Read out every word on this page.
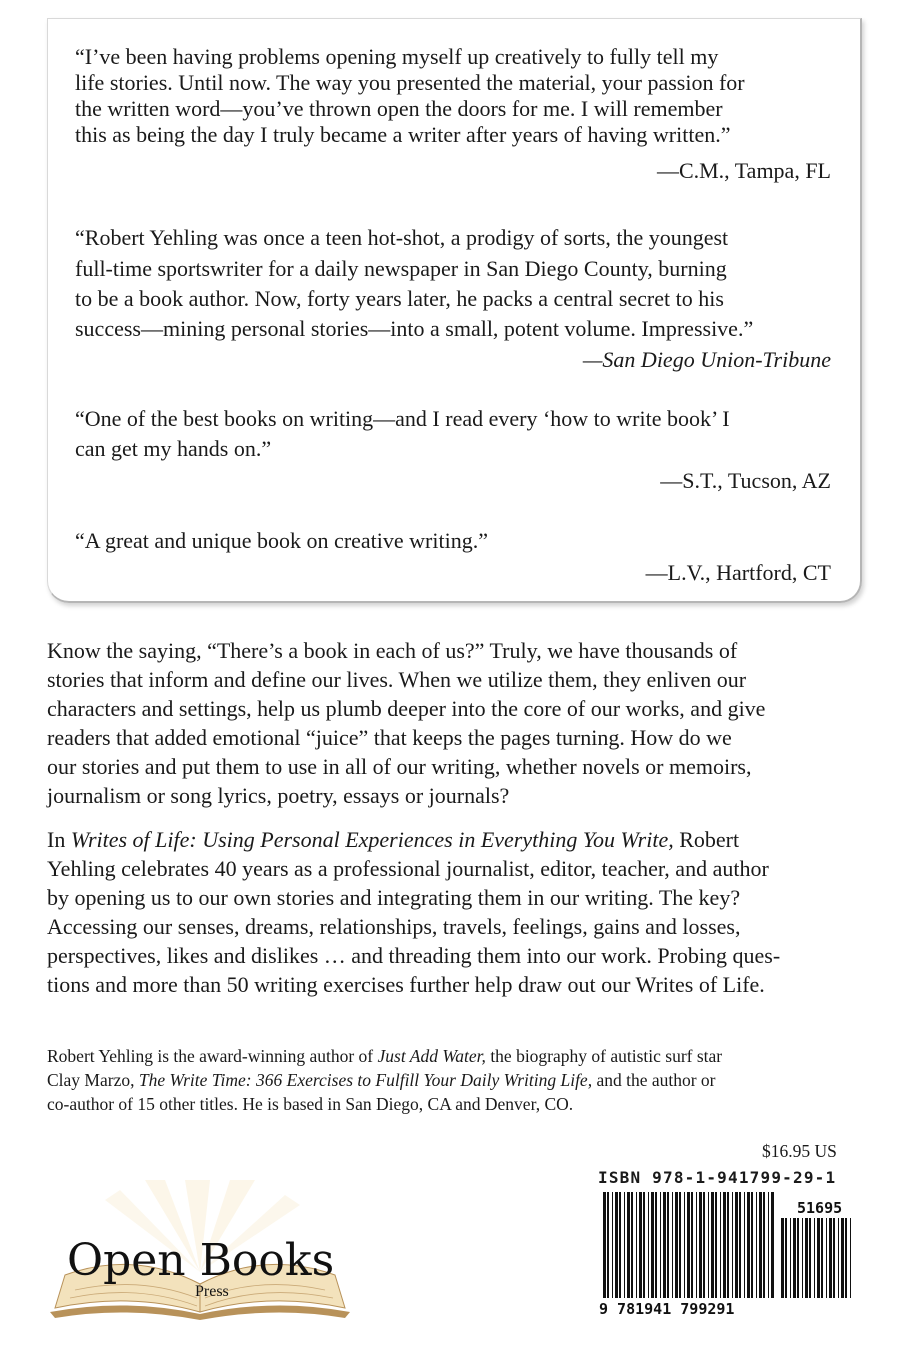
“I’ve been having problems opening myself up creatively to fully tell my

life stories. Until now. The way you presented the material, your passion for

the written word—you’ve thrown open the doors for me. I will remember

this as being the day I truly became a writer after years of having written.”

—C.M., Tampa, FL

“Robert Yehling was once a teen hot-shot, a prodigy of sorts, the youngest

full-time sportswriter for a daily newspaper in San Diego County, burning

to be a book author. Now, forty years later, he packs a central secret to his

success—mining personal stories—into a small, potent volume. Impressive.”

—San Diego Union-Tribune

“One of the best books on writing—and I read every ‘how to write book’ I

can get my hands on.”

—S.T., Tucson, AZ

“A great and unique book on creative writing.”

—L.V., Hartford, CT

Know the saying, “There’s a book in each of us?” Truly, we have thousands of

stories that inform and define our lives. When we utilize them, they enliven our

characters and settings, help us plumb deeper into the core of our works, and give

readers that added emotional “juice” that keeps the pages turning. How do we

our stories and put them to use in all of our writing, whether novels or memoirs,

journalism or song lyrics, poetry, essays or journals?

In Writes of Life: Using Personal Experiences in Everything You Write, Robert

Yehling celebrates 40 years as a professional journalist, editor, teacher, and author

by opening us to our own stories and integrating them in our writing. The key?

Accessing our senses, dreams, relationships, travels, feelings, gains and losses,

perspectives, likes and dislikes … and threading them into our work. Probing ques-

tions and more than 50 writing exercises further help draw out our Writes of Life.

Robert Yehling is the award-winning author of Just Add Water, the biography of autistic surf star
Clay Marzo, The Write Time: 366 Exercises to Fulfill Your Daily Writing Life, and the author or
co-author of 15 other titles. He is based in San Diego, CA and Denver, CO.
$16.95 US
ISBN 978-1-941799-29-1
51695
9 781941 799291
Open Books
Press
